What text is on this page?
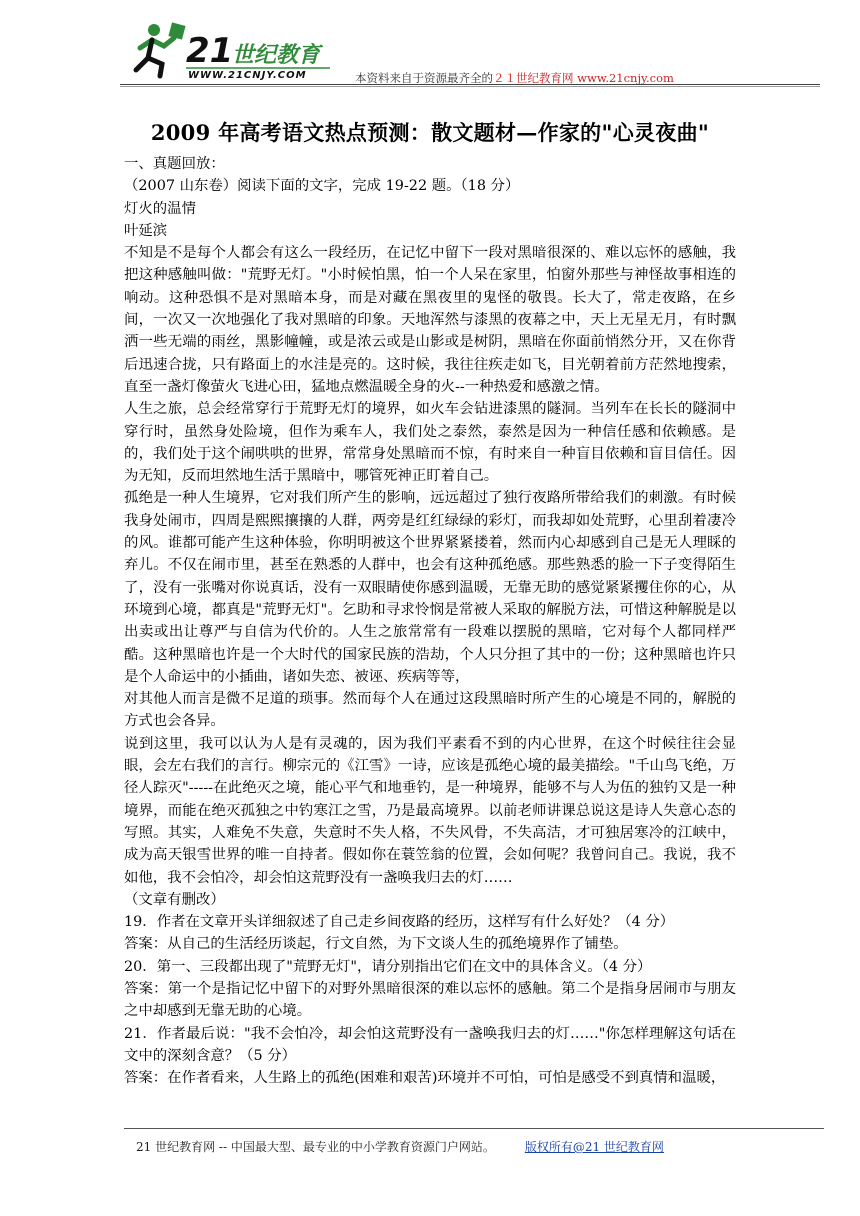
21
世纪教育
WWW.21CNJY.COM	本资料来自于资源最齐全的２１世纪教育网 www.21cnjy.com
2009 年高考语文热点预测：散文题材—作家的"心灵夜曲"

一、真题回放：

（2007 山东卷）阅读下面的文字，完成 19-22 题。（18 分）

灯火的温情

叶延滨

不知是不是每个人都会有这么一段经历，在记忆中留下一段对黑暗很深的、难以忘怀的感触，我把这种感触叫做："荒野无灯。"小时候怕黑，怕一个人呆在家里，怕窗外那些与神怪故事相连的响动。这种恐惧不是对黑暗本身，而是对藏在黑夜里的鬼怪的敬畏。长大了，常走夜路，在乡间，一次又一次地强化了我对黑暗的印象。天地浑然与漆黑的夜幕之中，天上无星无月，有时飘洒一些无端的雨丝，黑影幢幢，或是浓云或是山影或是树阴，黑暗在你面前悄然分开，又在你背后迅速合拢，只有路面上的水洼是亮的。这时候，我往往疾走如飞，目光朝着前方茫然地搜索，直至一盏灯像萤火飞进心田，猛地点燃温暖全身的火--一种热爱和感激之情。

人生之旅，总会经常穿行于荒野无灯的境界，如火车会钻进漆黑的隧洞。当列车在长长的隧洞中穿行时，虽然身处险境，但作为乘车人，我们处之泰然，泰然是因为一种信任感和依赖感。是的，我们处于这个闹哄哄的世界，常常身处黑暗而不惊，有时来自一种盲目依赖和盲目信任。因为无知，反而坦然地生活于黑暗中，哪管死神正盯着自己。

孤绝是一种人生境界，它对我们所产生的影响，远远超过了独行夜路所带给我们的刺激。有时候我身处闹市，四周是熙熙攘攘的人群，两旁是红红绿绿的彩灯，而我却如处荒野，心里刮着凄冷的风。谁都可能产生这种体验，你明明被这个世界紧紧搂着，然而内心却感到自己是无人理睬的弃儿。不仅在闹市里，甚至在熟悉的人群中，也会有这种孤绝感。那些熟悉的脸一下子变得陌生了，没有一张嘴对你说真话，没有一双眼睛使你感到温暖，无靠无助的感觉紧紧攫住你的心，从环境到心境，都真是"荒野无灯"。乞助和寻求怜悯是常被人采取的解脱方法，可惜这种解脱是以出卖或出让尊严与自信为代价的。人生之旅常常有一段难以摆脱的黑暗，它对每个人都同样严酷。这种黑暗也许是一个大时代的国家民族的浩劫，个人只分担了其中的一份；这种黑暗也许只是个人命运中的小插曲，诸如失恋、被诬、疾病等等，

对其他人而言是微不足道的琐事。然而每个人在通过这段黑暗时所产生的心境是不同的，解脱的方式也会各异。

说到这里，我可以认为人是有灵魂的，因为我们平素看不到的内心世界，在这个时候往往会显眼，会左右我们的言行。柳宗元的《江雪》一诗，应该是孤绝心境的最美描绘。"千山鸟飞绝，万径人踪灭"-----在此绝灭之境，能心平气和地垂钓，是一种境界，能够不与人为伍的独钓又是一种境界，而能在绝灭孤独之中钓寒江之雪，乃是最高境界。以前老师讲课总说这是诗人失意心态的写照。其实，人难免不失意，失意时不失人格，不失风骨，不失高洁，才可独居寒冷的江峡中，成为高天银雪世界的唯一自持者。假如你在蓑笠翁的位置，会如何呢？我曾问自己。我说，我不如他，我不会怕冷，却会怕这荒野没有一盏唤我归去的灯……

（文章有删改）

19．作者在文章开头详细叙述了自己走乡间夜路的经历，这样写有什么好处？（4 分）

答案：从自己的生活经历谈起，行文自然，为下文谈人生的孤绝境界作了铺垫。

20．第一、三段都出现了"荒野无灯"，请分别指出它们在文中的具体含义。（4 分）

答案：第一个是指记忆中留下的对野外黑暗很深的难以忘怀的感触。第二个是指身居闹市与朋友之中却感到无靠无助的心境。

21．作者最后说："我不会怕冷，却会怕这荒野没有一盏唤我归去的灯……"你怎样理解这句话在文中的深刻含意？（5 分）

答案：在作者看来，人生路上的孤绝(困难和艰苦)环境并不可怕，可怕是感受不到真情和温暖，

21 世纪教育网 -- 中国最大型、最专业的中小学教育资源门户网站。	版权所有@21 世纪教育网
